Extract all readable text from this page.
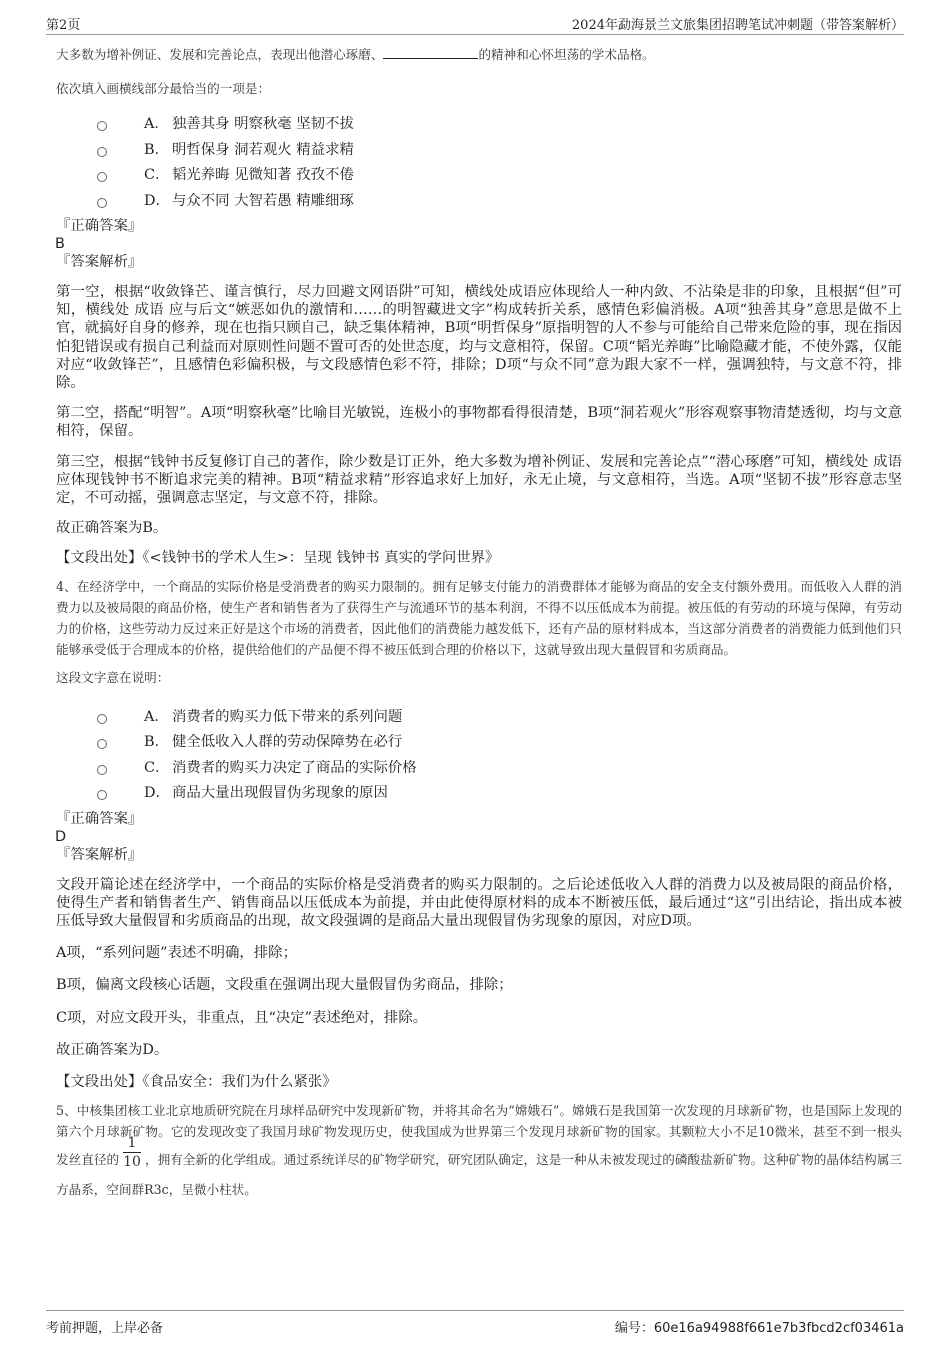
第2页	2024年勐海景兰文旅集团招聘笔试冲刺题（带答案解析）

大多数为增补例证、发展和完善论点，表现出他潜心琢磨、	的精神和心怀坦荡的学术品格。

依次填入画横线部分最恰当的一项是：

A． 独善其身 明察秋毫 坚韧不拔
B． 明哲保身 洞若观火 精益求精
C． 韬光养晦 见微知著 孜孜不倦
D． 与众不同 大智若愚 精雕细琢

『正确答案』

B

『答案解析』

第一空，根据“收敛锋芒、谨言慎行，尽力回避文网语阱”可知，横线处成语应体现给人一种内敛、不沾染是非的印象，且根据“但”可知，横线处 成语 应与后文“嫉恶如仇的激情和……的明智藏进文字”构成转折关系，感情色彩偏消极。A项“独善其身”意思是做不上官，就搞好自身的修养，现在也指只顾自己，缺乏集体精神，B项“明哲保身”原指明智的人不参与可能给自己带来危险的事，现在指因怕犯错误或有损自己利益而对原则性问题不置可否的处世态度，均与文意相符，保留。C项“韬光养晦”比喻隐藏才能，不使外露，仅能对应“收敛锋芒”，且感情色彩偏积极，与文段感情色彩不符，排除；D项“与众不同”意为跟大家不一样，强调独特，与文意不符，排除。

第二空，搭配“明智”。A项“明察秋毫”比喻目光敏锐，连极小的事物都看得很清楚，B项“洞若观火”形容观察事物清楚透彻，均与文意相符，保留。

第三空，根据“钱钟书反复修订自己的著作，除少数是订正外，绝大多数为增补例证、发展和完善论点”“潜心琢磨”可知，横线处 成语 应体现钱钟书不断追求完美的精神。B项“精益求精”形容追求好上加好，永无止境，与文意相符，当选。A项“坚韧不拔”形容意志坚定，不可动摇，强调意志坚定，与文意不符，排除。

故正确答案为B。

【文段出处】《<钱钟书的学术人生>：呈现 钱钟书 真实的学问世界》

4、在经济学中，一个商品的实际价格是受消费者的购买力限制的。拥有足够支付能力的消费群体才能够为商品的安全支付额外费用。而低收入人群的消费力以及被局限的商品价格，使生产者和销售者为了获得生产与流通环节的基本利润，不得不以压低成本为前提。被压低的有劳动的环境与保障，有劳动力的价格，这些劳动力反过来正好是这个市场的消费者，因此他们的消费能力越发低下，还有产品的原材料成本，当这部分消费者的消费能力低到他们只能够承受低于合理成本的价格，提供给他们的产品便不得不被压低到合理的价格以下，这就导致出现大量假冒和劣质商品。

这段文字意在说明：

A． 消费者的购买力低下带来的系列问题
B． 健全低收入人群的劳动保障势在必行
C． 消费者的购买力决定了商品的实际价格
D． 商品大量出现假冒伪劣现象的原因

『正确答案』

D

『答案解析』

文段开篇论述在经济学中，一个商品的实际价格是受消费者的购买力限制的。之后论述低收入人群的消费力以及被局限的商品价格，使得生产者和销售者生产、销售商品以压低成本为前提，并由此使得原材料的成本不断被压低，最后通过“这”引出结论，指出成本被压低导致大量假冒和劣质商品的出现，故文段强调的是商品大量出现假冒伪劣现象的原因，对应D项。

A项，“系列问题”表述不明确，排除；

B项，偏离文段核心话题，文段重在强调出现大量假冒伪劣商品，排除；

C项，对应文段开头，非重点，且“决定”表述绝对，排除。

故正确答案为D。

【文段出处】《食品安全：我们为什么紧张》

5、中核集团核工业北京地质研究院在月球样品研究中发现新矿物，并将其命名为“嫦娥石”。嫦娥石是我国第一次发现的月球新矿物，也是国际上发现的第六个月球新矿物。它的发现改变了我国月球矿物发现历史，使我国成为世界第三个发现月球新矿物的国家。其颗粒大小不足10微米，甚至不到一根头发丝直径的 $\frac{1}{10}$ ，拥有全新的化学组成。通过系统详尽的矿物学研究，研究团队确定，这是一种从未被发现过的磷酸盐新矿物。这种矿物的晶体结构属三方晶系，空间群R3c，呈微小柱状。

考前押题，上岸必备	编号：60e16a94988f661e7b3fbcd2cf03461a
